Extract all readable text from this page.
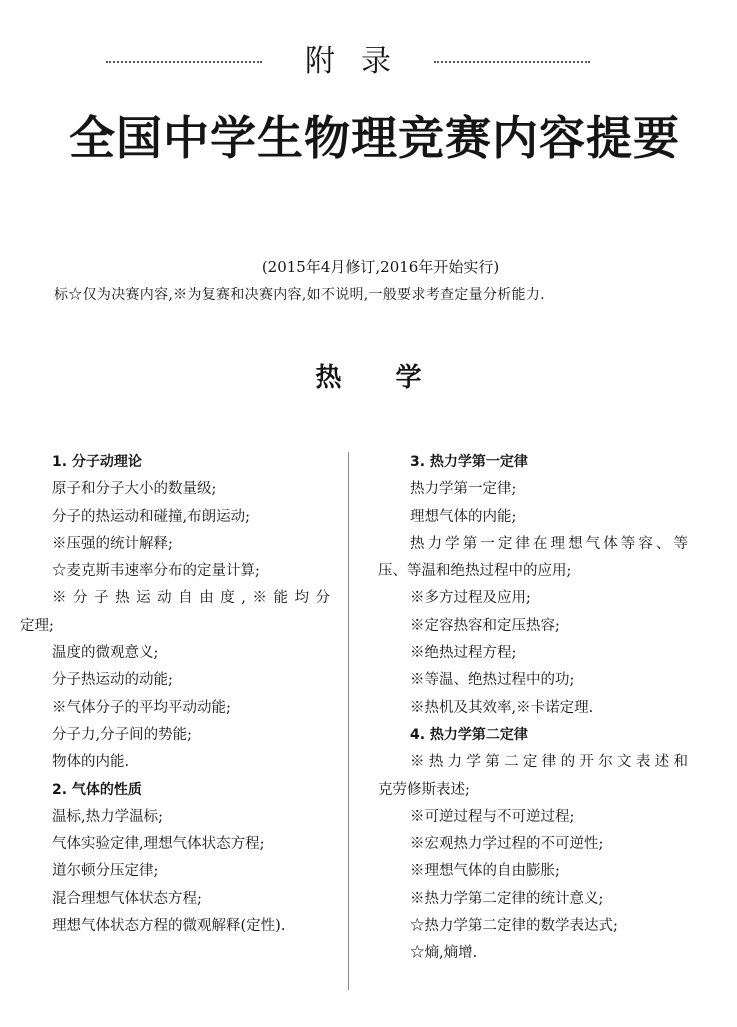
附录
全国中学生物理竞赛内容提要
(2015年4月修订,2016年开始实行)
标☆仅为决赛内容,※为复赛和决赛内容,如不说明,一般要求考查定量分析能力.
热学
1. 分子动理论
原子和分子大小的数量级;
分子的热运动和碰撞,布朗运动;
※压强的统计解释;
☆麦克斯韦速率分布的定量计算;
※分子热运动自由度,※能均分
定理;
温度的微观意义;
分子热运动的动能;
※气体分子的平均平动动能;
分子力,分子间的势能;
物体的内能.
2. 气体的性质
温标,热力学温标;
气体实验定律,理想气体状态方程;
道尔顿分压定律;
混合理想气体状态方程;
理想气体状态方程的微观解释(定性).
3. 热力学第一定律
热力学第一定律;
理想气体的内能;
热力学第一定律在理想气体等容、等
压、等温和绝热过程中的应用;
※多方过程及应用;
※定容热容和定压热容;
※绝热过程方程;
※等温、绝热过程中的功;
※热机及其效率,※卡诺定理.
4. 热力学第二定律
※热力学第二定律的开尔文表述和
克劳修斯表述;
※可逆过程与不可逆过程;
※宏观热力学过程的不可逆性;
※理想气体的自由膨胀;
※热力学第二定律的统计意义;
☆热力学第二定律的数学表达式;
☆熵,熵增.
